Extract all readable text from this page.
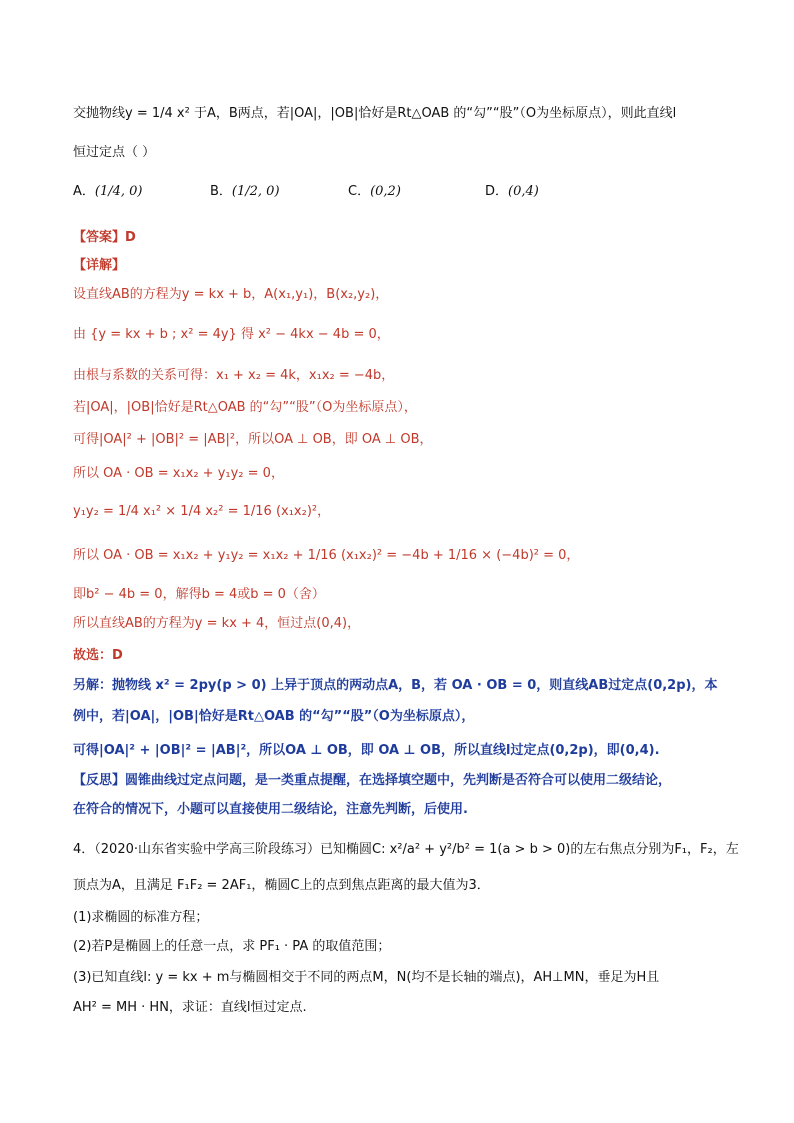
交抛物线y = 1/4 x² 于A，B两点，若|OA|，|OB|恰好是Rt△OAB 的“勾”“股”（O为坐标原点），则此直线l
恒过定点（ ）
A．(1/4, 0)	B．(1/2, 0)	C．(0,2)	D．(0,4)
【答案】D
【详解】
设直线AB的方程为y = kx + b，A(x₁,y₁)，B(x₂,y₂)，
由 {y = kx + b ; x² = 4y} 得 x² − 4kx − 4b = 0，
由根与系数的关系可得：x₁ + x₂ = 4k，x₁x₂ = −4b，
若|OA|，|OB|恰好是Rt△OAB 的“勾”“股”（O为坐标原点），
可得|OA|² + |OB|² = |AB|²，所以OA ⊥ OB，即 OA ⊥ OB，
所以 OA · OB = x₁x₂ + y₁y₂ = 0，
y₁y₂ = 1/4 x₁² × 1/4 x₂² = 1/16 (x₁x₂)²，
所以 OA · OB = x₁x₂ + y₁y₂ = x₁x₂ + 1/16 (x₁x₂)² = −4b + 1/16 × (−4b)² = 0，
即b² − 4b = 0，解得b = 4或b = 0（舍）
所以直线AB的方程为y = kx + 4，恒过点(0,4)，
故选：D
另解：抛物线 x² = 2py(p > 0) 上异于顶点的两动点A，B，若 OA · OB = 0，则直线AB过定点(0,2p)，本
例中，若|OA|，|OB|恰好是Rt△OAB 的“勾”“股”（O为坐标原点），
可得|OA|² + |OB|² = |AB|²，所以OA ⊥ OB，即 OA ⊥ OB，所以直线l过定点(0,2p)，即(0,4).
【反思】圆锥曲线过定点问题，是一类重点提醒，在选择填空题中，先判断是否符合可以使用二级结论，
在符合的情况下，小题可以直接使用二级结论，注意先判断，后使用.
4．（2020·山东省实验中学高三阶段练习）已知椭圆C: x²/a² + y²/b² = 1(a > b > 0)的左右焦点分别为F₁，F₂，左
顶点为A，且满足 F₁F₂ = 2AF₁，椭圆C上的点到焦点距离的最大值为3．
(1)求椭圆的标准方程；
(2)若P是椭圆上的任意一点，求 PF₁ · PA 的取值范围；
(3)已知直线l: y = kx + m与椭圆相交于不同的两点M，N(均不是长轴的端点)，AH⊥MN，垂足为H且
AH² = MH · HN，求证：直线l恒过定点.
